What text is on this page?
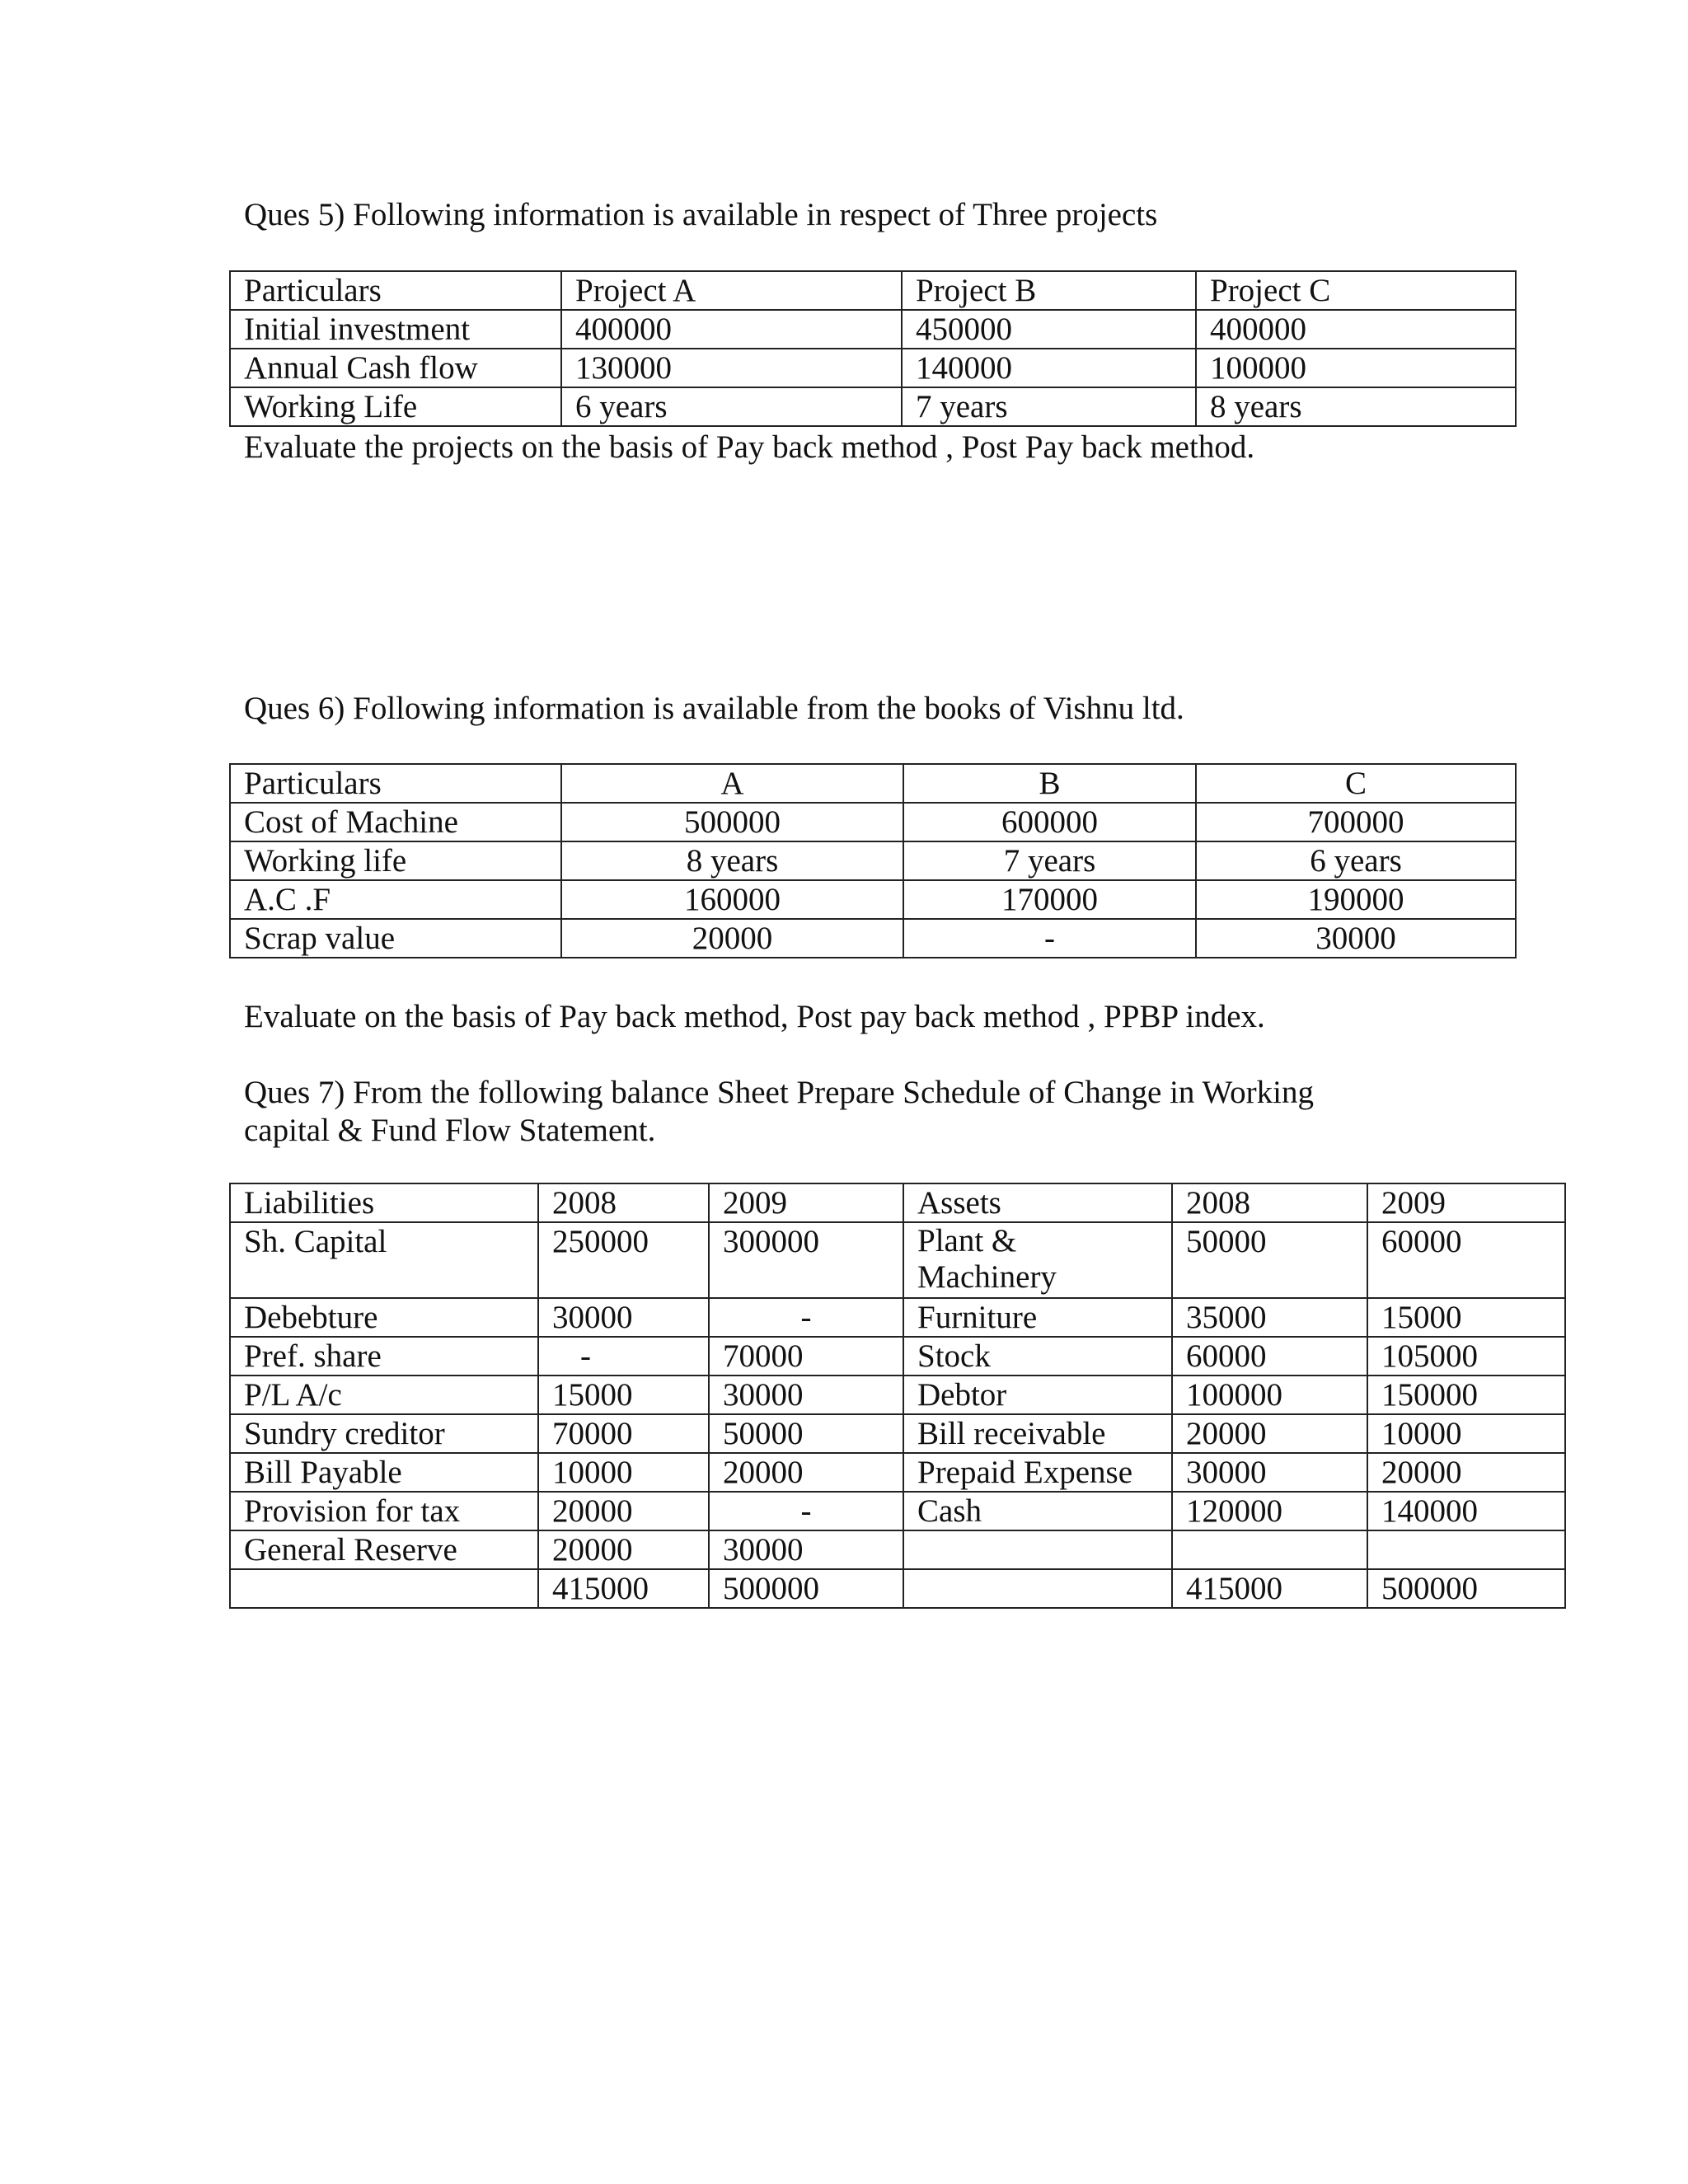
Ques 5) Following information is available in respect of Three projects

Particulars	Project A	Project B	Project C
Initial investment	400000	450000	400000
Annual Cash flow	130000	140000	100000
Working Life	6 years	7 years	8 years

Evaluate the projects on the basis of Pay back method , Post Pay back method.

Ques 6) Following information is available from the books of Vishnu ltd.

Particulars	A	B	C
Cost of Machine	500000	600000	700000
Working life	8 years	7 years	6 years
A.C .F	160000	170000	190000
Scrap value	20000	-	30000

Evaluate on the basis of Pay back method, Post pay back method , PPBP index.

Ques 7) From the following balance Sheet Prepare Schedule of Change in Working

capital & Fund Flow Statement.

Liabilities	2008	2009	Assets	2008	2009
Sh. Capital	250000	300000	Plant & Machinery	50000	60000
Debebture	30000	-	Furniture	35000	15000
Pref. share	-	70000	Stock	60000	105000
P/L A/c	15000	30000	Debtor	100000	150000
Sundry creditor	70000	50000	Bill receivable	20000	10000
Bill Payable	10000	20000	Prepaid Expense	30000	20000
Provision for tax	20000	-	Cash	120000	140000
General Reserve	20000	30000			
	415000	500000		415000	500000
